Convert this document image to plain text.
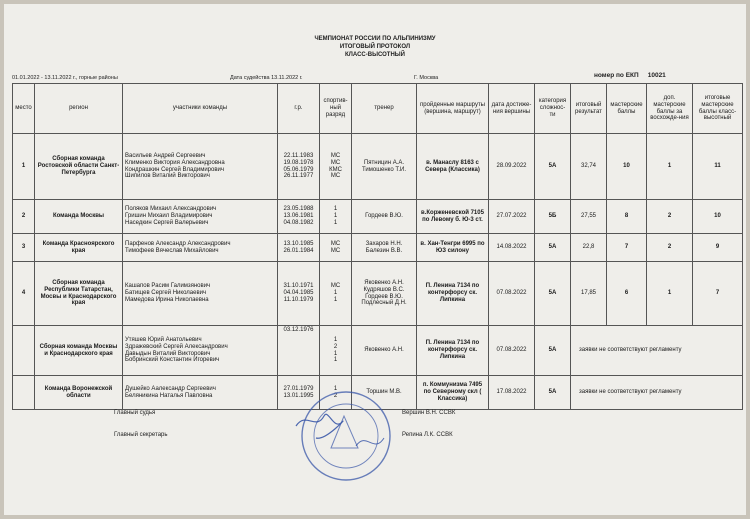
ЧЕМПИОНАТ РОССИИ ПО АЛЬПИНИЗМУ
ИТОГОВЫЙ ПРОТОКОЛ
КЛАСС-ВЫСОТНЫЙ
01.01.2022 - 13.11.2022 г., горные районы	Дата судейства 13.11.2022 г.	Г. Москва	номер по ЕКП 10021
место	регион	участники команды	г.р.	спортив-ный разряд	тренер	пройденные маршруты (вершина, маршрут)	дата достиже-ния вершины	категория сложнос-ти	итоговый результат	мастерские баллы	доп. мастерские баллы за восхожде-ния	итоговые мастерские баллы класс-высотный
1	Сборная команда Ростовской области Санкт-Петербурга	Васильев Андрей Сергеевич
Клименко Виктория Александровна
Кондрашкин Сергей Владимирович
Шипилов Виталий Викторович	22.11.1983
19.08.1978
05.06.1979
26.11.1977	МС
МС
КМС
МС	Пятницин А.А.
Тимошенко Т.И.	в. Манаслу 8163 с Севера (Классика)	28.09.2022	5А	32,74	10	1	11
2	Команда Москвы	Поляков Михаил Александрович
Гришин Михаил Владимирович
Наседкин Сергей Валерьевич	23.05.1988
13.06.1981
04.08.1982	1
1
1	Гордеев В.Ю.	в.Корженевской 7105 по Левому б. Ю-3 ст.	27.07.2022	5Б	27,55	8	2	10
3	Команда Красноярского края	Парфенов Александр Александрович
Тимофеев Вячеслав Михайлович	13.10.1985
26.01.1984	МС
МС	Захаров Н.Н.
Балезин В.В.	в. Хан-Тенгри 6995 по ЮЗ силону	14.08.2022	5А	22,8	7	2	9
4	Сборная команда Республики Татарстан, Мосвы и Краснодарского края	Кашапов Расим Галимзянович
Батищев Сергей Николаевич
Мамедова Ирина Николаевна	31.10.1971
04.04.1985
11.10.1979	МС
1
1	Яковенко А.Н.
Кудряшов В.С.
Гордеев В.Ю.
Подлесный Д.Н.	П. Ленина 7134 по контерфорсу ск. Липкина	07.08.2022	5А	17,85	6	1	7
	Сборная команда Москвы и Краснодарского края	Утяшев Юрий Анатольевич
Здражевский Сергей Александрович
Давыдын Виталий Викторович
Бобринский Константин Игоревич	03.12.1976	1
2
1
1	Яковенко А.Н.	П. Ленина 7134 по контерфорсу ск. Липкина	07.08.2022	5А	заявки не соответствуют регламенту			
	Команда Воронежской области	Душейко Аалександр Сергеевич
Беляникина Наталья Павловна	27.01.1979
13.01.1995	1
2	Торшин М.В.	п. Коммунизма 7495 по Северному скл ( Классика)	17.08.2022	5А	заявки не соответствуют регламенту			
Главный судья	Вершин В.Н. ССВК
Главный секретарь	Репина Л.К. ССВК
